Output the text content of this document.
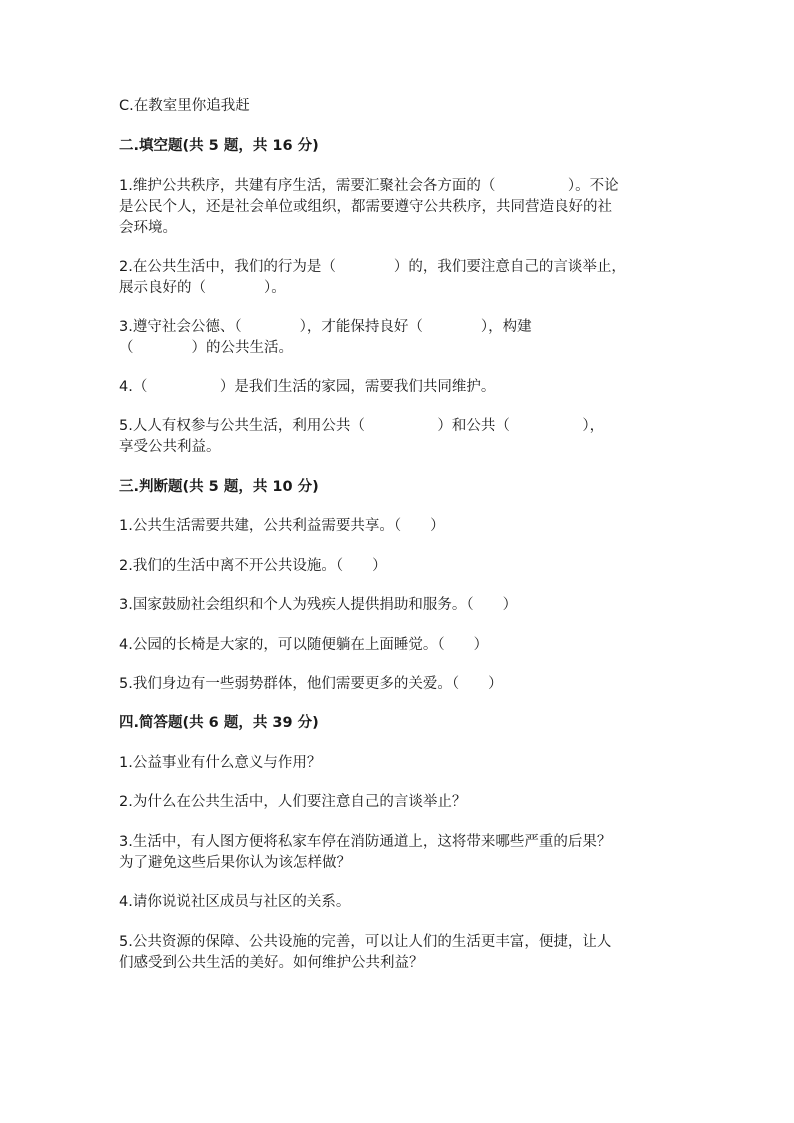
C.在教室里你追我赶

二.填空题(共 5 题，共 16 分)

1.维护公共秩序，共建有序生活，需要汇聚社会各方面的（　　　　　）。不论

是公民个人，还是社会单位或组织，都需要遵守公共秩序，共同营造良好的社

会环境。

2.在公共生活中，我们的行为是（　　　　）的，我们要注意自己的言谈举止，

展示良好的（　　　　）。

3.遵守社会公德、（　　　　），才能保持良好（　　　　），构建

（　　　　）的公共生活。

4.（　　　　　）是我们生活的家园，需要我们共同维护。

5.人人有权参与公共生活，利用公共（　　　　　）和公共（　　　　　），

享受公共利益。

三.判断题(共 5 题，共 10 分)

1.公共生活需要共建，公共利益需要共享。（　　）

2.我们的生活中离不开公共设施。（　　）

3.国家鼓励社会组织和个人为残疾人提供捐助和服务。（　　）

4.公园的长椅是大家的，可以随便躺在上面睡觉。（　　）

5.我们身边有一些弱势群体，他们需要更多的关爱。（　　）

四.简答题(共 6 题，共 39 分)

1.公益事业有什么意义与作用？

2.为什么在公共生活中，人们要注意自己的言谈举止？

3.生活中，有人图方便将私家车停在消防通道上，这将带来哪些严重的后果？

为了避免这些后果你认为该怎样做？

4.请你说说社区成员与社区的关系。

5.公共资源的保障、公共设施的完善，可以让人们的生活更丰富，便捷，让人

们感受到公共生活的美好。如何维护公共利益？
